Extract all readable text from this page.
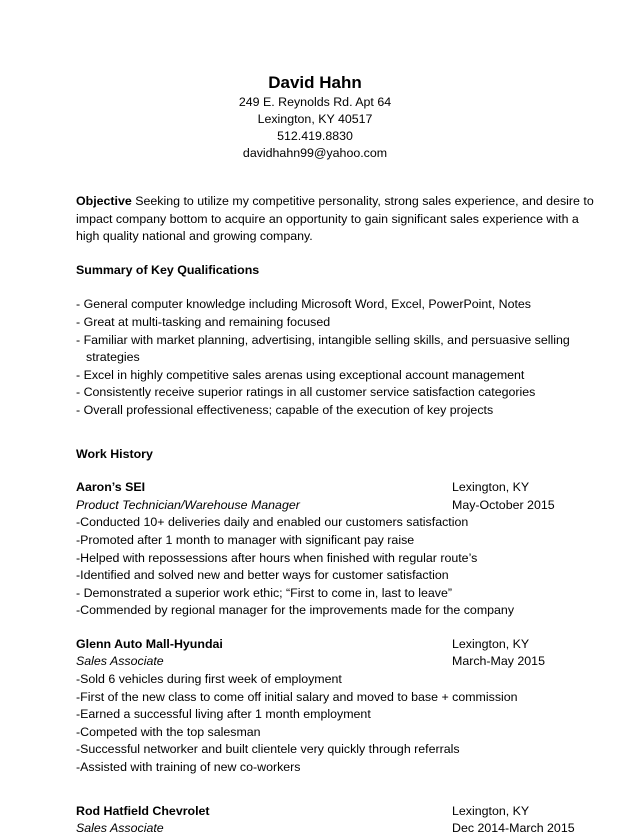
David Hahn
249 E. Reynolds Rd. Apt 64
Lexington, KY 40517
512.419.8830
davidhahn99@yahoo.com

Objective Seeking to utilize my competitive personality, strong sales experience, and desire to impact company bottom to acquire an opportunity to gain significant sales experience with a high quality national and growing company.

Summary of Key Qualifications
- General computer knowledge including Microsoft Word, Excel, PowerPoint, Notes
- Great at multi-tasking and remaining focused
- Familiar with market planning, advertising, intangible selling skills, and persuasive selling
strategies
- Excel in highly competitive sales arenas using exceptional account management
- Consistently receive superior ratings in all customer service satisfaction categories
- Overall professional effectiveness; capable of the execution of key projects
Work History
Aaron’s SEI	Lexington, KY
Product Technician/Warehouse Manager	May-October 2015
-Conducted 10+ deliveries daily and enabled our customers satisfaction
-Promoted after 1 month to manager with significant pay raise
-Helped with repossessions after hours when finished with regular route’s
-Identified and solved new and better ways for customer satisfaction
- Demonstrated a superior work ethic; “First to come in, last to leave”
-Commended by regional manager for the improvements made for the company
Glenn Auto Mall-Hyundai	Lexington, KY
Sales Associate	March-May 2015
-Sold 6 vehicles during first week of employment
-First of the new class to come off initial salary and moved to base + commission
-Earned a successful living after 1 month employment
-Competed with the top salesman
-Successful networker and built clientele very quickly through referrals
-Assisted with training of new co-workers
Rod Hatfield Chevrolet	Lexington, KY
Sales Associate	Dec 2014-March 2015
